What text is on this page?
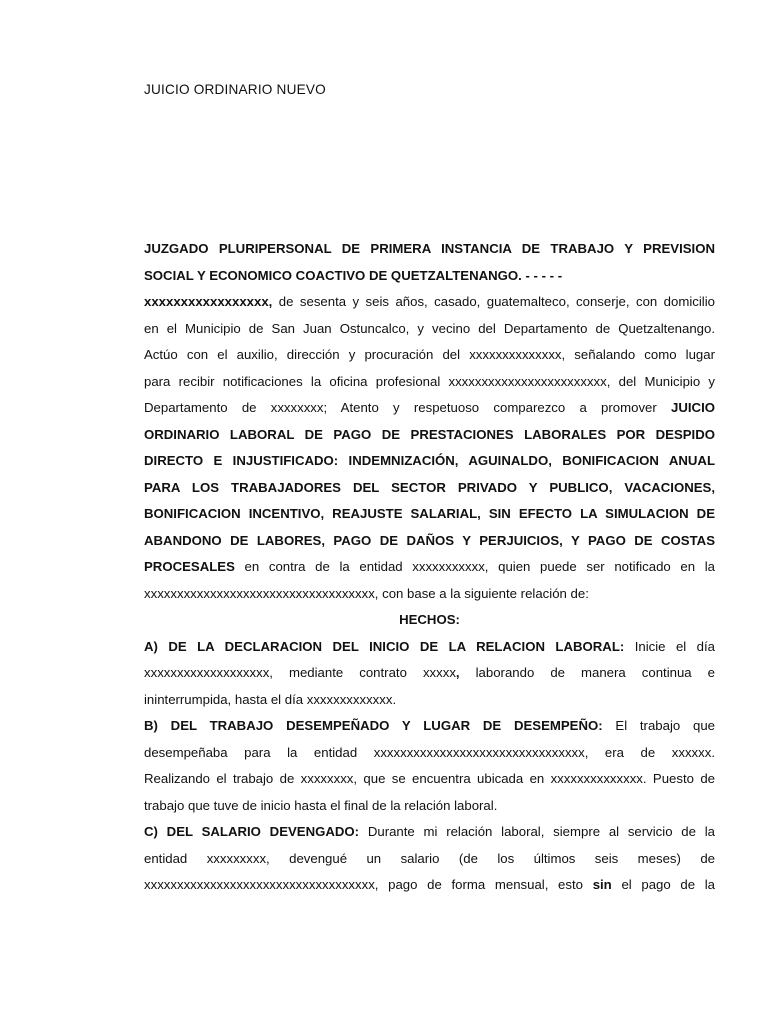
JUICIO ORDINARIO NUEVO
JUZGADO PLURIPERSONAL DE PRIMERA INSTANCIA DE TRABAJO Y PREVISION
SOCIAL Y ECONOMICO COACTIVO DE QUETZALTENANGO. - - - - -
xxxxxxxxxxxxxxxxx, de sesenta y seis años, casado, guatemalteco, conserje, con domicilio
en el Municipio de San Juan Ostuncalco, y vecino del Departamento de Quetzaltenango.
Actúo con el auxilio, dirección y procuración del xxxxxxxxxxxxxx, señalando como lugar
para recibir notificaciones la oficina profesional xxxxxxxxxxxxxxxxxxxxxxxx, del Municipio y
Departamento de xxxxxxxx; Atento y respetuoso comparezco a promover JUICIO
ORDINARIO LABORAL DE PAGO DE PRESTACIONES LABORALES POR DESPIDO
DIRECTO E INJUSTIFICADO: INDEMNIZACIÓN, AGUINALDO, BONIFICACION ANUAL
PARA LOS TRABAJADORES DEL SECTOR PRIVADO Y PUBLICO, VACACIONES,
BONIFICACION INCENTIVO, REAJUSTE SALARIAL, SIN EFECTO LA SIMULACION DE
ABANDONO DE LABORES, PAGO DE DAÑOS Y PERJUICIOS, Y PAGO DE COSTAS
PROCESALES en contra de la entidad xxxxxxxxxxx, quien puede ser notificado en la
xxxxxxxxxxxxxxxxxxxxxxxxxxxxxxxxxxx, con base a la siguiente relación de:
HECHOS:
A) DE LA DECLARACION DEL INICIO DE LA RELACION LABORAL: Inicie el día
xxxxxxxxxxxxxxxxxxx, mediante contrato xxxxx, laborando de manera continua e
ininterrumpida, hasta el día xxxxxxxxxxxxx.
B) DEL TRABAJO DESEMPEÑADO Y LUGAR DE DESEMPEÑO: El trabajo que
desempeñaba para la entidad xxxxxxxxxxxxxxxxxxxxxxxxxxxxxxxx, era de xxxxxx.
Realizando el trabajo de xxxxxxxx, que se encuentra ubicada en xxxxxxxxxxxxxx. Puesto de
trabajo que tuve de inicio hasta el final de la relación laboral.
C) DEL SALARIO DEVENGADO: Durante mi relación laboral, siempre al servicio de la
entidad xxxxxxxxx, devengué un salario (de los últimos seis meses) de
xxxxxxxxxxxxxxxxxxxxxxxxxxxxxxxxxxx, pago de forma mensual, esto sin el pago de la
